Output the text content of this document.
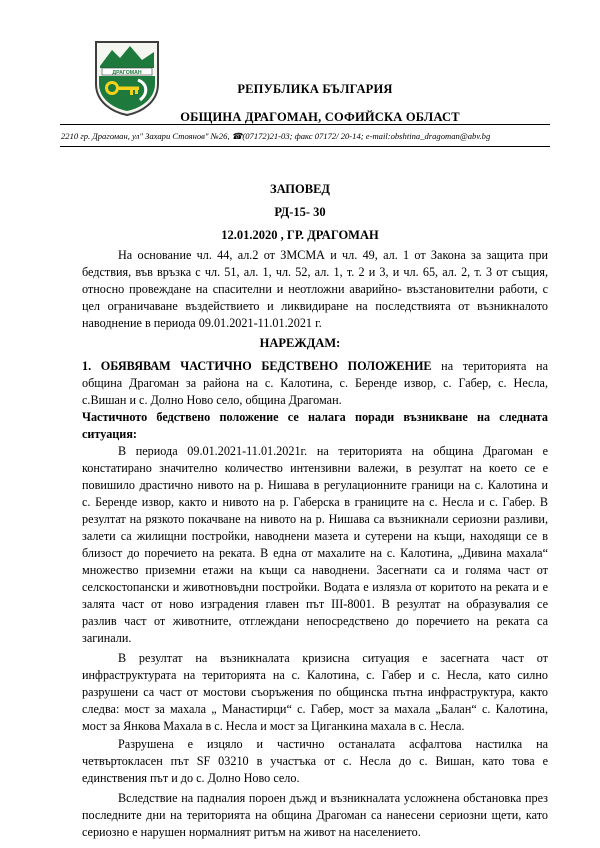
ДРАГОМАН
РЕПУБЛИКА БЪЛГАРИЯ
ОБЩИНА ДРАГОМАН, СОФИЙСКА ОБЛАСТ
2210 гр. Драгоман, ул" Захари Стоянов" №26, ☎(07172)21-03; факс 07172/ 20-14; e-mail:obshtina_dragoman@abv.bg
ЗАПОВЕД
РД-15- 30
12.01.2020 , ГР. ДРАГОМАН
На основание чл. 44, ал.2 от ЗМСМА и чл. 49, ал. 1 от Закона за защита при
бедствия, във връзка с чл. 51, ал. 1, чл. 52, ал. 1, т. 2 и 3, и чл. 65, ал. 2, т. 3 от същия,
относно провеждане на спасителни и неотложни аварийно- възстановителни работи, с
цел ограничаване въздействието и ликвидиране на последствията от възникналото
наводнение в периода 09.01.2021-11.01.2021 г.
НАРЕЖДАМ:
1. ОБЯВЯВАМ ЧАСТИЧНО БЕДСТВЕНО ПОЛОЖЕНИЕ на територията на
община Драгоман за района на с. Калотина, с. Беренде извор, с. Габер, с. Несла,
с.Вишан и с. Долно Ново село, община Драгоман.
Частичното бедствено положение се налага поради възникване на следната
ситуация:
В периода 09.01.2021-11.01.2021г. на територията на община Драгоман е
констатирано значително количество интензивни валежи, в резултат на което се е
повишило драстично нивото на р. Нишава в регулационните граници на с. Калотина и
с. Беренде извор, както и нивото на р. Габерска в границите на с. Несла и с. Габер. В
резултат на рязкото покачване на нивото на р. Нишава са възникнали сериозни разливи,
залети са жилищни постройки, наводнени мазета и сутерени на къщи, находящи се в
близост до поречието на реката. В една от махалите на с. Калотина, „Дивина махала“
множество приземни етажи на къщи са наводнени. Засегнати са и голяма част от
селскостопански и животновъдни постройки. Водата е излязла от коритото на реката и е
залята част от ново изградения главен път III-8001. В резултат на образувалия се
разлив част от животните, отглеждани непосредствено до поречието на реката са
загинали.
В резултат на възникналата кризисна ситуация е засегната част от
инфраструктурата на територията на с. Калотина, с. Габер и с. Несла, като силно
разрушени са част от мостови съоръжения по общинска пътна инфраструктура, както
следва: мост за махала „ Манастирци“ с. Габер, мост за махала „Балан“ с. Калотина,
мост за Янкова Махала в с. Несла и мост за Циганкина махала в с. Несла.
Разрушена е изцяло и частично останалата асфалтова настилка на
четвъртокласен път SF 03210 в участъка от с. Несла до с. Вишан, като това е
единствения път и до с. Долно Ново село.
Вследствие на падналия пороен дъжд и възникналата усложнена обстановка през
последните дни на територията на община Драгоман са нанесени сериозни щети, като
сериозно е нарушен нормалният ритъм на живот на населението.
